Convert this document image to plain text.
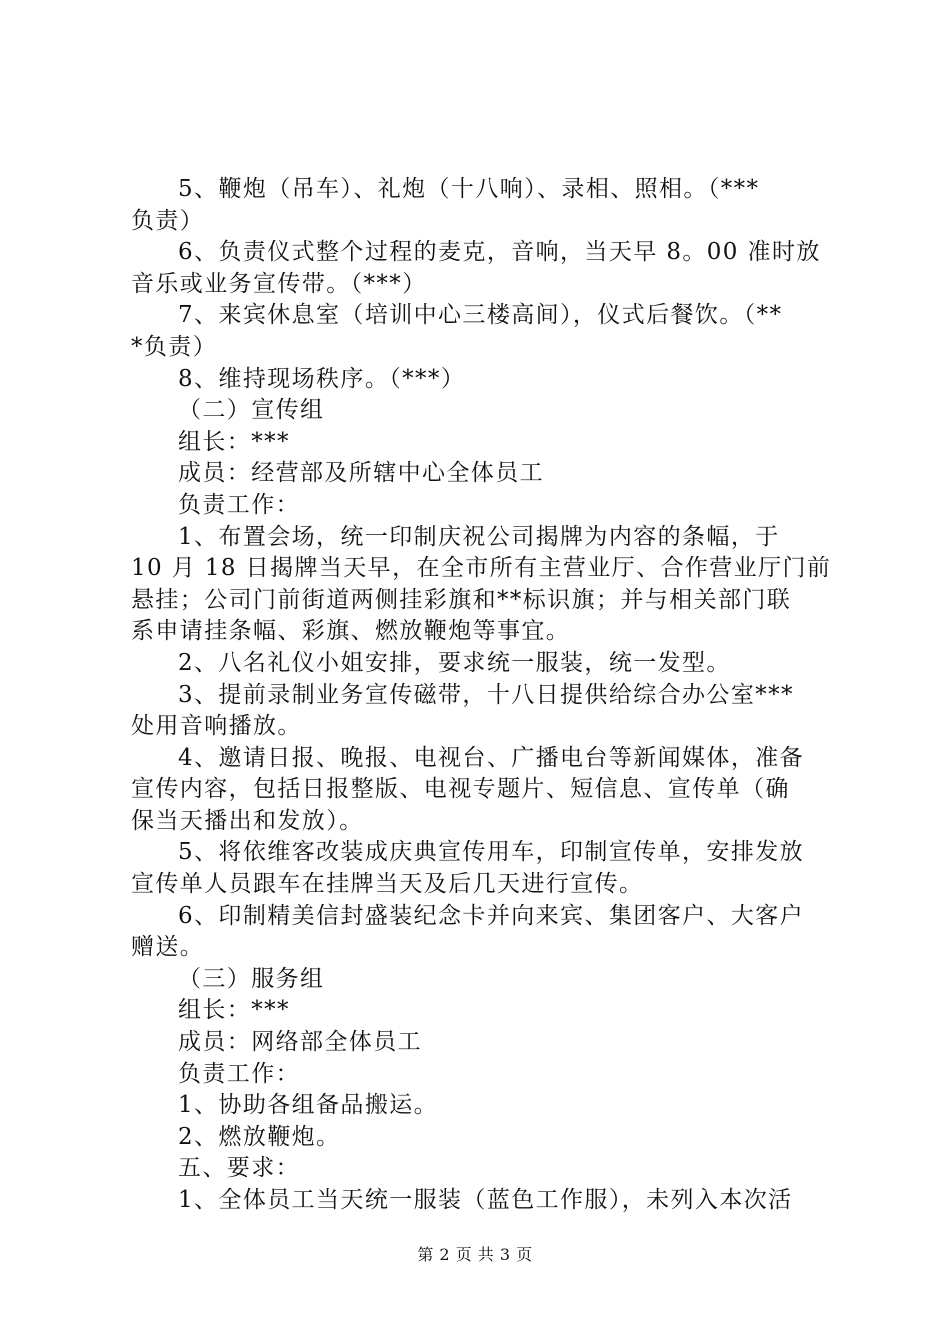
5、鞭炮（吊车）、礼炮（十八响）、录相、照相。（***
负责）
6、负责仪式整个过程的麦克，音响，当天早 8。00 准时放
音乐或业务宣传带。（***）
7、来宾休息室（培训中心三楼高间），仪式后餐饮。（**
*负责）
8、维持现场秩序。（***）
（二）宣传组
组长：***
成员：经营部及所辖中心全体员工
负责工作：
1、布置会场，统一印制庆祝公司揭牌为内容的条幅，于
10 月 18 日揭牌当天早，在全市所有主营业厅、合作营业厅门前
悬挂；公司门前街道两侧挂彩旗和**标识旗；并与相关部门联
系申请挂条幅、彩旗、燃放鞭炮等事宜。
2、八名礼仪小姐安排，要求统一服装，统一发型。
3、提前录制业务宣传磁带，十八日提供给综合办公室***
处用音响播放。
4、邀请日报、晚报、电视台、广播电台等新闻媒体，准备
宣传内容，包括日报整版、电视专题片、短信息、宣传单（确
保当天播出和发放）。
5、将依维客改装成庆典宣传用车，印制宣传单，安排发放
宣传单人员跟车在挂牌当天及后几天进行宣传。
6、印制精美信封盛装纪念卡并向来宾、集团客户、大客户
赠送。
（三）服务组
组长：***
成员：网络部全体员工
负责工作：
1、协助各组备品搬运。
2、燃放鞭炮。
五、要求：
1、全体员工当天统一服装（蓝色工作服），未列入本次活
第 2 页 共 3 页
